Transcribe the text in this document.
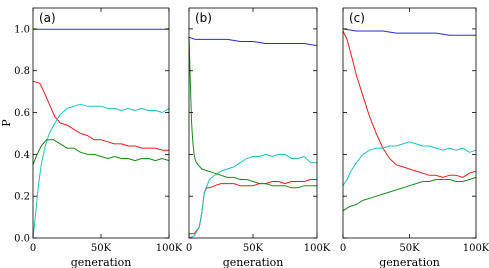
P
0.0
0.2
0.4
0.6
0.8
1.0
0	50K	100K
generation
(a)
0	50K	100K
generation
(b)
0	50K	100K
generation
(c)
